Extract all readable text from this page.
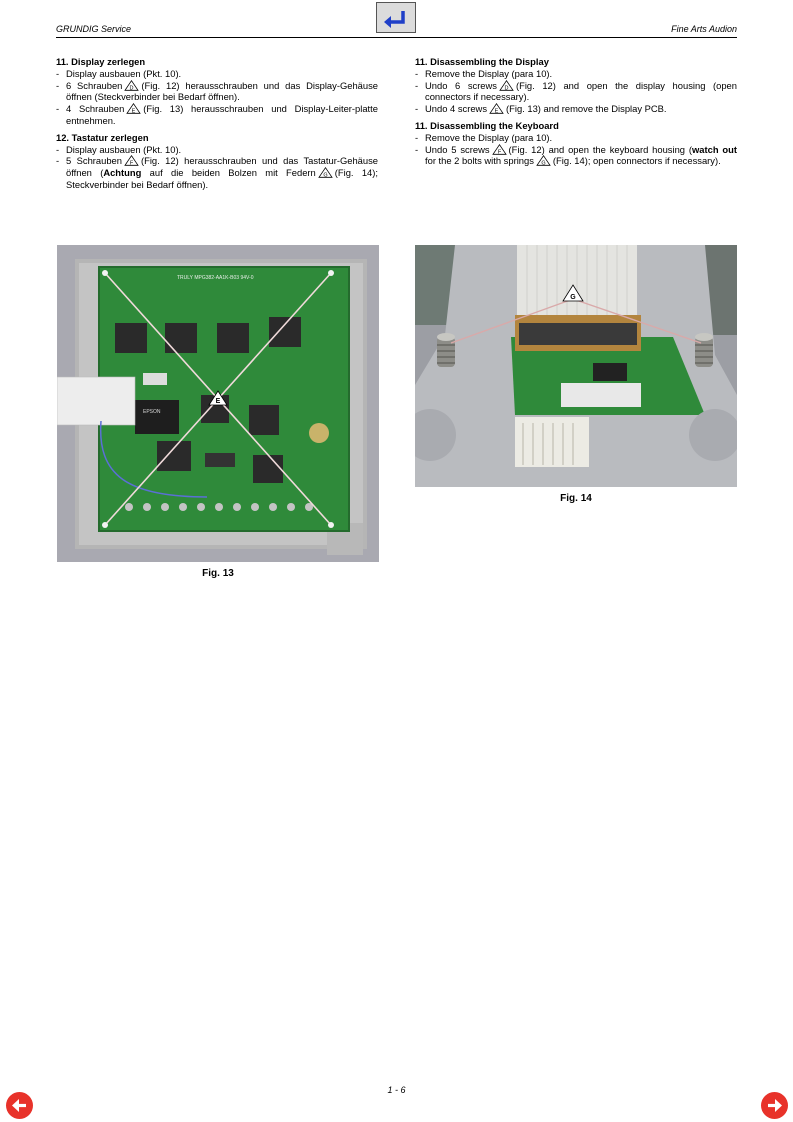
GRUNDIG Service	Fine Arts Audion

11. Display zerlegen

- Display ausbauen (Pkt. 10).
- 6 Schrauben D (Fig. 12) herausschrauben und das Display-Gehäuse öffnen (Steckverbinder bei Bedarf öffnen).
- 4 Schrauben E (Fig. 13) herausschrauben und Display-Leiter-platte entnehmen.

12. Tastatur zerlegen

- Display ausbauen (Pkt. 10).
- 5 Schrauben F (Fig. 12) herausschrauben und das Tastatur-Gehäuse öffnen (Achtung auf die beiden Bolzen mit Federn G (Fig. 14); Steckverbinder bei Bedarf öffnen).

11. Disassembling the Display

- Remove the Display (para 10).
- Undo 6 screws D (Fig. 12) and open the display housing (open connectors if necessary).
- Undo 4 screws E (Fig. 13) and remove the Display PCB.

11. Disassembling the Keyboard

- Remove the Display (para 10).
- Undo 5 screws F (Fig. 12) and open the keyboard housing (watch out for the 2 bolts with springs G (Fig. 14); open connectors if necessary).
TRULY MPG382-AA1K-B03 94V-0
EPSON
E
Fig. 13
G
Fig. 14
1 - 6
